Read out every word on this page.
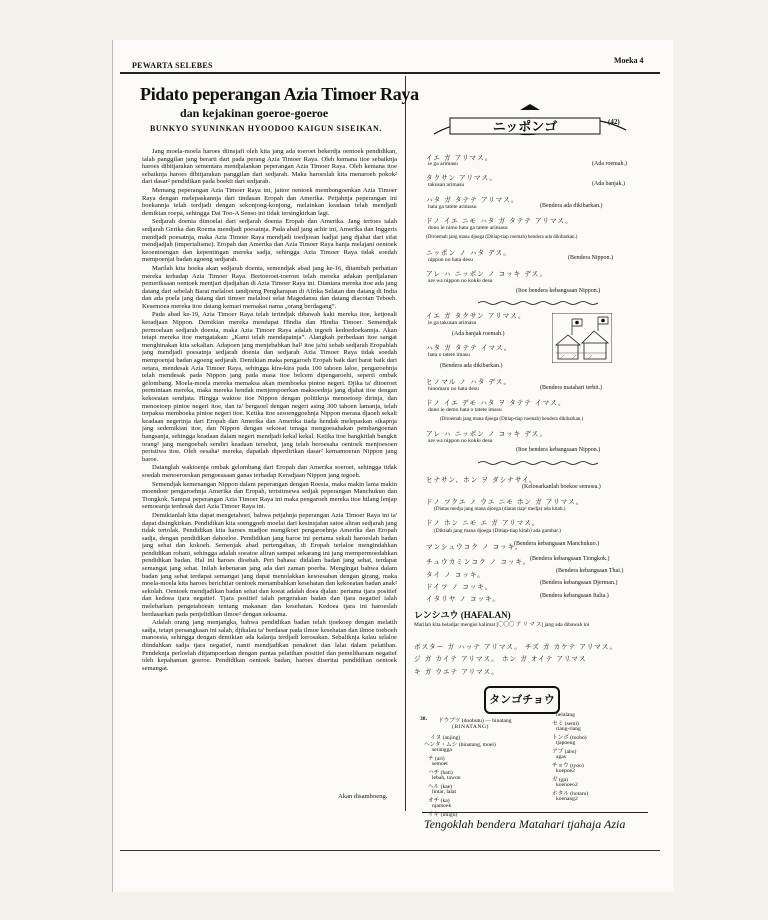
PEWARTA SELEBES
Moeka 4
Pidato peperangan Azia Timoer Raya
dan kejakinan goeroe-goeroe
BUNKYO SYUNINKAN HYOODOO KAIGUN SISEIKAN.

Jang moela-moela haroes diinsjafi oleh kita jang ada toeroet bekerdja oentoek pendidikan, ialah panggilan jang berarti dari pada perang Azia Timoer Raya. Oleh kemana itoe sebaiknja haroes dibitjarakan sementara mendjalankan peperangan Azia Timoer Raya. Oleh kemana itoe sebaiknja haroes dibitjarakan panggilan dari sedjarah. Maka haroeslah kita menaroeh pokok² dari dasar² pendidikan pada boekti dari sedjarah.

Memang peperangan Azia Timoer Raya ini, jaitoe oentoek membongoenkan Azia Timoer Raya dengan melepaskannja dari tindasan Eropah dan Amerika. Petjahnja peperangan ini boekannja telah terdjadi dengan sekonjong-konjong, melainkan keadaan telah mendjadi demikian roepa, sehingga Dai Too-A Senso ini tidak tersingkirkan lagi.

Sedjarah doenia dimoelai dari sedjarah doenia Eropah dan Amerika. Jang tertoes ialah sedjarah Gerika dan Roema mendjadi poesatnja. Pada abad jang achir ini, Amerika dan Inggeris mendjadi poesatnja, maka Azia Timoer Raya mendjadi toedjoean hadjat jang djahat dari sifat mendjadjah (imperialisme). Eropah dan Amerika dan Azia Timoer Raya hanja melajani oentoek keoentoengan dan kepentingan mereka sadja, sehingga Azia Timoer Raya tidak soedah mempoenjai badan agoeng sedjarah.

Marilah kita boeka akan sedjarah doenia, semendjak abad jang ke-16, ditambah perhatian mereka terhadap Azia Timoer Raya. Bertoeroet-toeroet telah mereka adakan perdjalanan pemeriksaan oentoek mentjari djadjahan di Azia Timoer Raya ini. Diantara mereka itoe ada jang datang dari sebelah Barat melaloei tandjoeng Pengharapan di Afrika Selatan dan datang di India dan ada poela jang datang dari timoer melaloei selat Magedansu dan datang diacotan Teboeh. Kesemoea mereka itoe datang kemari memakai nama „orang berdagang”.

Pada abad ke-19, Azia Timoer Raya telah terindjak dibawah kaki mereka itoe, ketjoeali keradjaan Nippon. Demikian mereka mendapat Hindia dan Hindia Timoer. Semendjak permoelaan sedjarah doenia, maka Azia Timoer Raya adalah tegoeh kedoedoekannja. Akan tetapi mereka itoe mengatakan: „Kami telah mendapatnja”. Alangkah perbedaan itoe sangat menghinakan kita sekalian. Adapoen jang menjebabkan hal² itoe ja'ni sebab sedjarah Eropahlah jang mendjadi poesatnja sedjarah doenia dan sedjarah Azia Timoer Raya tidak soedah mempoenjai badan agoeng sedjarah. Demikian maka pengaroeh Eropah baik dari barat baik dari oetara, mendesak Azia Timoer Raya, sehingga kira-kira pada 100 tahoen laloe, pengaroehnja telah mendesak pada Nippon jang pada masa itoe belcem dipengaroehi, seperti ombak gelombang. Moela-moela mereka memaksa akan memboeka pintoe negeri. Djika ta' ditoeroet permintaan mereka, maka mereka hendak menjempoerkan maksoednja jang djahat itoe dengan kekoeatan sendjata. Hingga waktoe itoe Nippon dengan politiknja menoetoep dirinja, dan menoetoep pintoe negeri itoe, dan ta' bergaoel dengan negeri asing 300 tahoen lamanja, telah terpaksa memboeka pintoe negeri itoe. Ketika itoe sesoenggoehnja Nippon merasa djaoeh sekali keadaan negerinja dari Eropah dan Amerika dan Amerika tiada hendak melepaskan sikapnja jang sedemikian itoe, dan Nippon dengan sekoeat tenaga mengoesahakan pembangoenan bangsanja, sehingga keadaan dalam negeri mendjadi kekal kekal. Ketika itoe bangkitlah bangkit orang² jang mengoebah sendiri keadaan tersebut, jang telah beroesaha oentoek menjoesoen peristiwa itoe. Oleh oesaha² mereka, dapatlah diperdirikan dasar² kemamoeran Nippon jang baroe.

Datanglah waktoenja ombak gelombang dari Eropah dan Amerika soeroet, sehingga tidak soedah menoeroeskan pengoeasaan ganas terhadap Keradjaan Nippon jang tegoeh.

Semendjak kemenangan Nippon dalam peperangan dengan Roesia, maka makin lama makin moendoer pengaroehnja Amerika dan Eropah, teristimewa sedjak peperangan Manchukuo dan Tiongkok. Sampai peperangan Azia Timoer Raya ini maka pengaroeh mereka itoe hilang lenjap semoeanja terdesak dari Azia Timoer Raya ini.

Demikianlah kita dapat mengetahoei, bahwa petjahnja peperangan Azia Timoer Raya ini ta' dapat disingkirkan. Pendidikan kita soenggoeh moelai dari kesinsjafan satoe aliran sedjarah jang tidak tertolak. Pendidikan kita haroes madjoe mengikoet pengaroehnja Amerika dan Eropah sadja, dengan pendidikan dahoeloe. Pendidikan jang baroe ini pertama sekali haroeslah badan jang sehat dan kokoeh. Semenjak abad pertengahan, di Eropah terlaloe mengindahkan pendidikan rohani, sehingga adalah soeatoe aliran sampai sekarang ini jang mempermoedahkan pendidikan badan. Hal ini haroes dioebah. Peri bahasa: didalam badan jang sehat, terdapat semangat jang sehat. Inilah kebenaran jang ada dari zaman poerba. Mengingat bahwa dalam badan jang sehat terdapat semangat jang dapat menolakkan kesoesahan dengan girang, maka moela-moela kita haroes berichtiar oentoek menambahkan kesehatan dan kekoeatan badan anak² sekolah. Oentoek mendjadikan badan sehat dan koeat adalah doea djalan: pertama tjara positief dan kedoea tjara negatief. Tjara positief ialah pergerakan badan dan tjara negatief ialah melebarkan pengetahoean tentang makanan dan kesehatan. Kedoea tjara ini haroeslah berdasarkan pada penjelidikan ilmoe² dengan seksama.

Adalah orang jang menjangka, bahwa pendidikan badan telah tjoekoep dengan melatih sadja, tetapi persangkaan ini salah, djikalau ta' berdasar pada ilmoe kesehatan dan ilmoe toeboeh manoesia, sehingga dengan demikian ada kalanja terdjadi kerosakan. Sebaliknja kalau selaloe diindahkan sadja tjara negatief, nanti mendjadikan penakoet dan lalai dalam pelatihan. Pendeknja perloelah ditjampoerkan dengan pantas pelatihan positief dan pemeliharaan negatief oleh kepahaman goeroe. Pendidikan oentoek badan, haroes diseritai pendidikan oentoek semangat.

Akan disamboeng.
ニッポンゴ	(42)
イエ ガ アリマス。
ie ga arimasu	(Ada roemah.)
タクサン アリマス。
takusan arimasu	(Ada banjak.)
ハタ ガ タテテ アリマス。
hata ga tatete arimasu	(Bendera ada dikibarkan.)
ドノ イエ ニモ ハタ ガ タテテ アリマス。
dono ie nimo hata ga tatete arimasu
(Diroemah jang mana djoega (Ditiap-tiap roemah) bendera ada dikibarkan.)
ニッポン ノ ハタ デス。
nippon no hata desu	(Bendera Nippon.)
アレ ハ ニッポン ノ コッキ デス。
are wa nippon no kokki desu
(Itoe bendera kebangsaan Nippon.)
イエ ガ タクサン アリマス。
ie ga takusan arimasu
(Ada banjak roemah.)
ハタ ガ タテテ イマス。
hata o tatete imasu
(Bendera ada dikibarkan.)
ヒノマル ノ ハタ デス。
hinomaru no hata desu	(Bendera matahari terbit.)
ドノ イエ デモ ハタ ヲ タテテ イマス。
dono ie demo hata o tatete imasu
(Diroemah jang mana djoega (Ditiap-tiap roemah) bendera dikibarkan.)
アレ ハ ニッポン ノ コッキ デス。
are wa nippon no kokki desu
(Itoe bendera kebangsaan Nippon.)
ヒナサン、ホン ヲ ダシナサイ。
(Keloearkanlah boekoe semoea.)
ドノ ツクエ ノ ウエ ニモ ホン ガ アリマス。
(Diatas medja jang mana djoega (diatas tiap² medja) ada kitab.)
ドノ ホン ニモ エ ガ アリマス。
(Diktiab jang mana djoega (Ditiap-tiap kitab) ada gambar.)
マンシュウコク ノ コッキ。
(Bendera kebangsaan Manchukuo.)
チュウカミンコク ノ コッキ。 (Bendera kebangsaan Tiongkok.)
タイ ノ コッキ。	(Bendera kebangsaan Thai.)
ドイツ ノ コッキ。	(Bendera kebangsaan Djerman.)
イタリヤ ノ コッキ。	(Bendera kebangsaan Italia.)
レンシユウ (HAFALAN)
Marilah kita beladjar mengisi kalimat [〇〇〇 ア リ マ ス] jang ada dibawah ini
ボスター ガ ハッテ アリマス。 チズ ガ カケテ アリマス。
ジ ガ カイテ アリマス。 ホン ガ オイテ アリマス
キ ガ ウエテ アリマス。
タンゴチョウ
38. ドウブツ (doobutu) — binatang
(BINATANG)
イヌ (anjing)
ヘンタ・ムシ (binatang, moei)
serangga
テ (ari)
semoet
ハチ (hati)
lebah, tawon
ヘル (kae)
lintar, lalat
オチ (ka)
njamoek
イキ (imigu)
belalang
セミ (semi)
riang-riang
トンボ (toobo)
tjapoeng
アブ (abu)
agas
チョウ (tyoo)
koepoe2
ガ (ga)
koenoeo2
ホタル (hotaru)
koenang2
Tengoklah bendera Matahari tjahaja Azia
